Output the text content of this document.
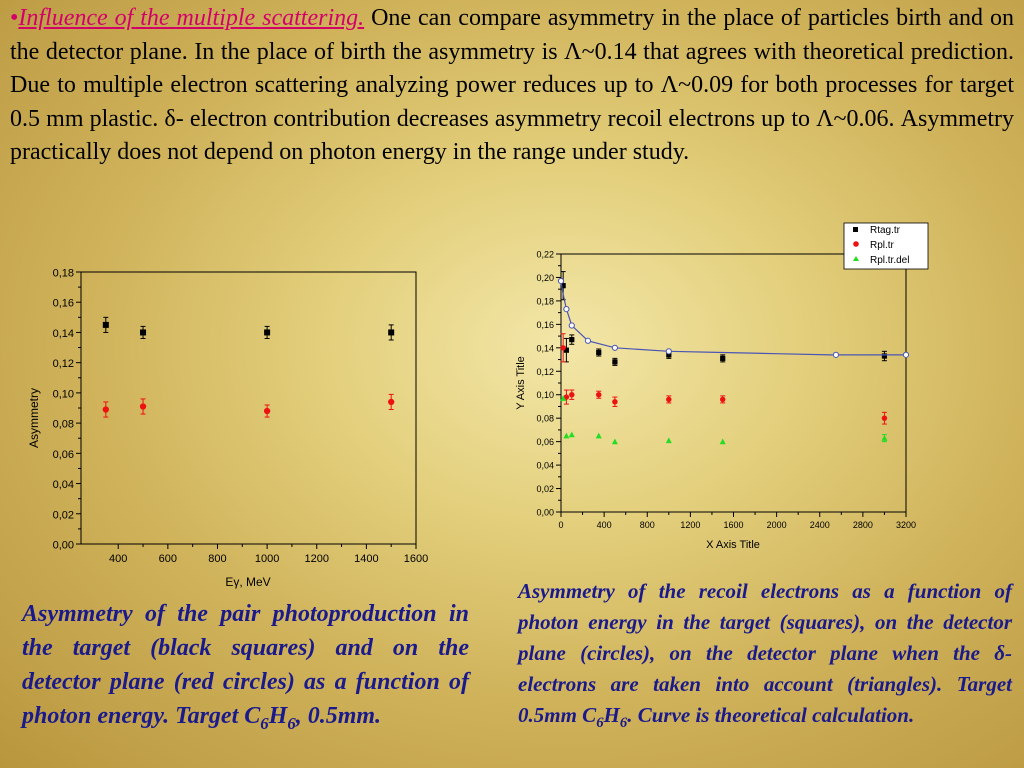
•Influence of the multiple scattering. One can compare asymmetry in the place of particles birth and on the detector plane. In the place of birth the asymmetry is Λ~0.14 that agrees with theoretical prediction. Due to multiple electron scattering analyzing power reduces up to Λ~0.09 for both processes for target 0.5 mm plastic. δ- electron contribution decreases asymmetry recoil electrons up to Λ~0.06. Asymmetry practically does not depend on photon energy in the range under study.
400	600	800	1000 1200 1400 1600
0,00
0,02
0,04
0,06
0,08
0,10
0,12
0,14
0,16
0,18
Eγ, MeV
Asymmetry
0	400	800	1200	1600	2000	2400	2800	3200
0,00
0,02
0,04
0,06
0,08
0,10
0,12
0,14
0,16
0,18
0,20
0,22
X Axis Title
Y Axis Title
Rtag.tr
Rpl.tr
Rpl.tr.del
Asymmetry of the pair photoproduction in the target (black squares) and on the detector plane (red circles) as a function of photon energy. Target $C_6H_6$, 0.5mm.
Asymmetry of the recoil electrons as a function of photon energy in the target (squares), on the detector plane (circles), on the detector plane when the δ- electrons are taken into account (triangles). Target 0.5mm $C_6H_6$. Curve is theoretical calculation.
